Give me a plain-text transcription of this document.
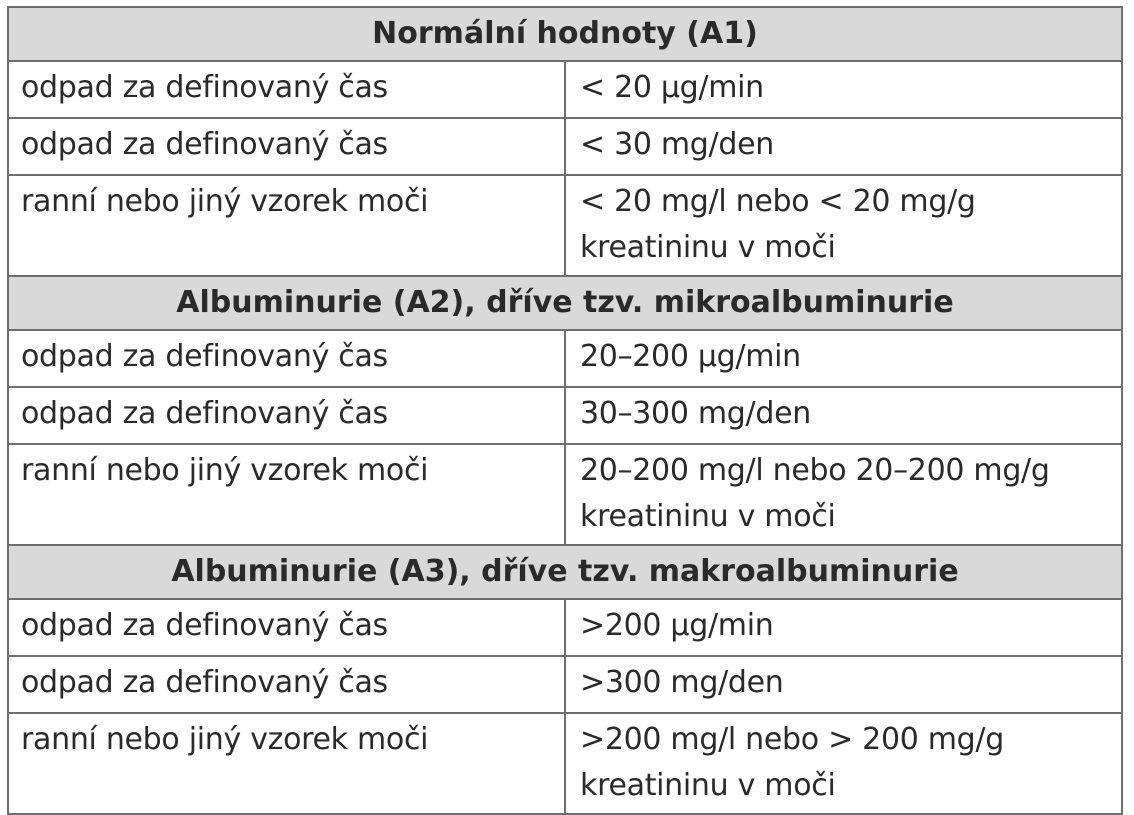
Normální hodnoty (A1)	
odpad za definovaný čas	< 20 μg/min
odpad za definovaný čas	< 30 mg/den
ranní nebo jiný vzorek moči	< 20 mg/l nebo < 20 mg/g kreatininu v moči
Albuminurie (A2), dříve tzv. mikroalbuminurie	
odpad za definovaný čas	20–200 μg/min
odpad za definovaný čas	30–300 mg/den
ranní nebo jiný vzorek moči	20–200 mg/l nebo 20–200 mg/g kreatininu v moči
Albuminurie (A3), dříve tzv. makroalbuminurie	
odpad za definovaný čas	>200 μg/min
odpad za definovaný čas	>300 mg/den
ranní nebo jiný vzorek moči	>200 mg/l nebo > 200 mg/g kreatininu v moči
